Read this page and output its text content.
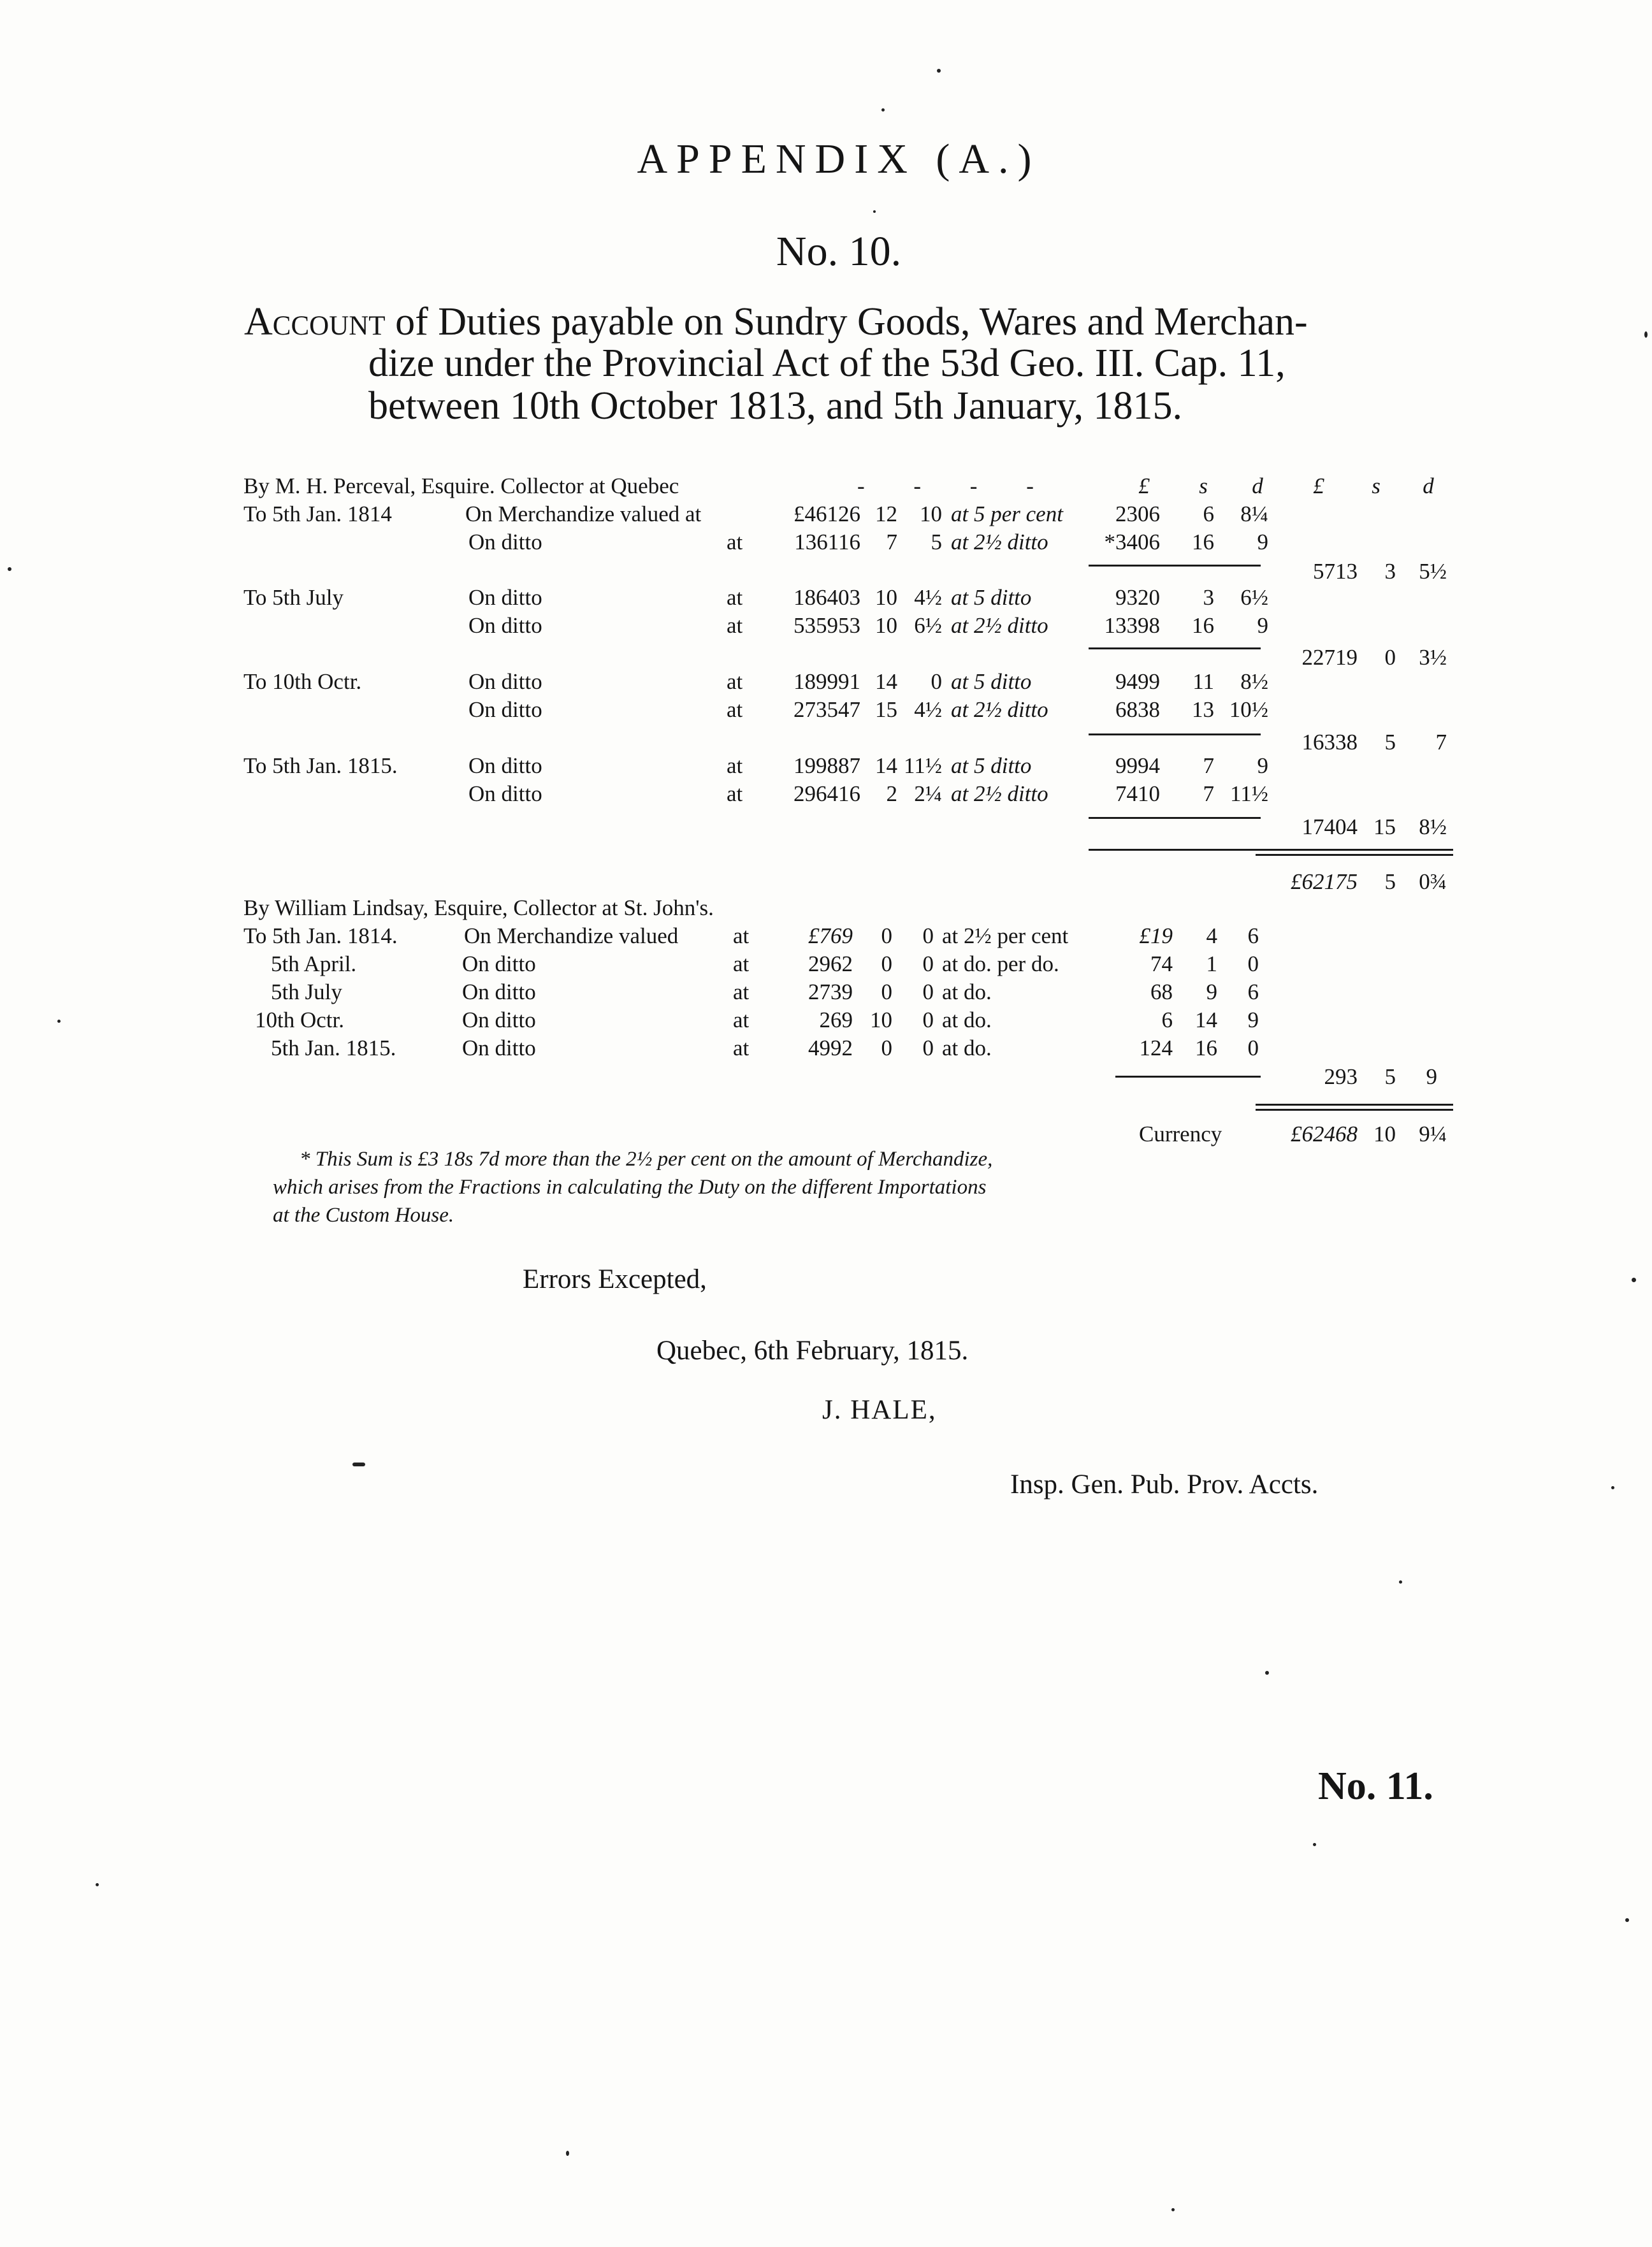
APPENDIX (A.)
No. 10.
Account of Duties payable on Sundry Goods, Wares and Merchan-
dize under the Provincial Act of the 53d Geo. III. Cap. 11,
between 10th October 1813, and 5th January, 1815.
By M. H. Perceval, Esquire. Collector at Quebec	- - - -	£	s d	£	s d
To 5th Jan. 1814	On Merchandize valued at	£46126 12	10 at 5 per cent	2306	6	8¼
On ditto	at	136116	7	5 at 2½ ditto	*3406	16	9
5713	3	5½
To 5th July	On ditto	at	186403 10 4½ at 5 ditto	9320	3	6½
On ditto	at	535953 10 6½ at 2½ ditto	13398	16	9
22719	0	3½
To 10th Octr.	On ditto	at	189991 14	0 at 5 ditto	9499	11	8½
On ditto	at	273547 15 4½ at 2½ ditto	6838	13 10½
16338	5	7
To 5th Jan. 1815.	On ditto	at	199887 14 11½ at 5 ditto	9994	7	9
On ditto	at	296416	2 2¼ at 2½ ditto	7410	7 11½
17404 15	8½
£62175	5	0¾
By William Lindsay, Esquire, Collector at St. John's.
To 5th Jan. 1814.	On Merchandize valued at	£769	0	0 at 2½ per cent	£19	4	6
5th April.	On ditto	at	2962	0	0 at do. per do.	74	1	0
5th July	On ditto	at	2739	0	0 at do.	68	9	6
10th Octr.	On ditto	at	269 10	0 at do.	6	14	9
5th Jan. 1815.	On ditto	at	4992	0	0 at do.	124	16	0
293	5	9
Currency	£62468 10	9¼
* This Sum is £3 18s 7d more than the 2½ per cent on the amount of Merchandize,
which arises from the Fractions in calculating the Duty on the different Importations
at the Custom House.
Errors Excepted,
Quebec, 6th February, 1815.
J. HALE,
Insp. Gen. Pub. Prov. Accts.
No. 11.
